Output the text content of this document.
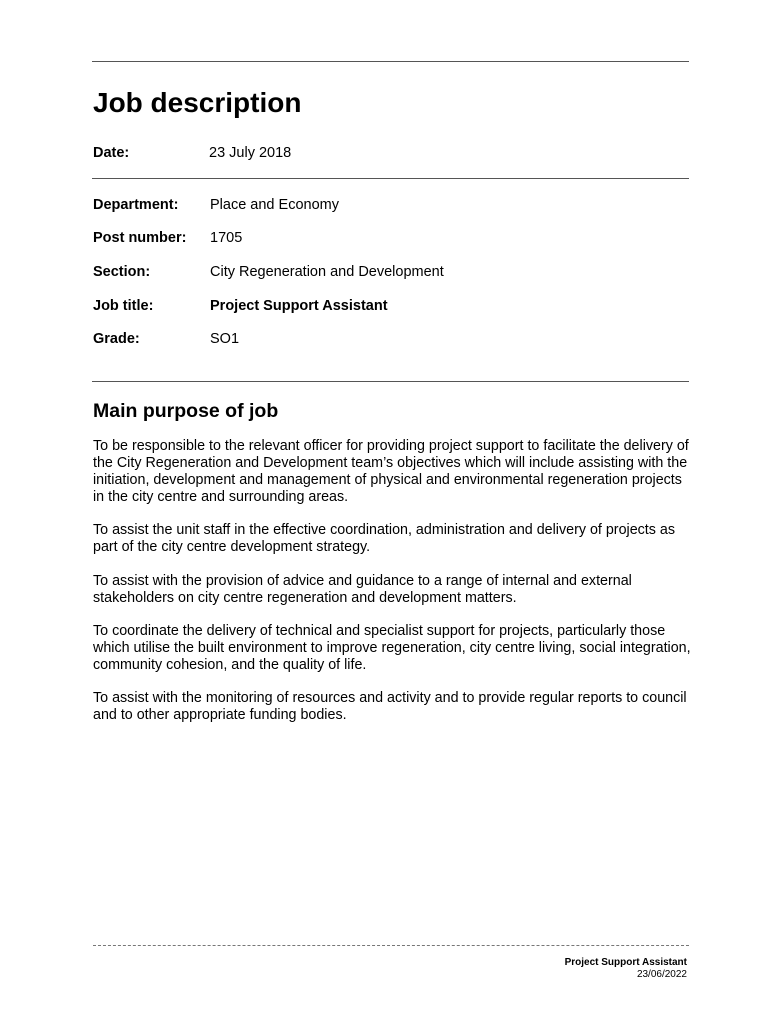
Job description
Date:	23 July 2018
Department: Place and Economy
Post number: 1705
Section:	City Regeneration and Development
Job title:	Project Support Assistant
Grade:	SO1
Main purpose of job

To be responsible to the relevant officer for providing project support to facilitate the delivery of the City Regeneration and Development team’s objectives which will include assisting with the initiation, development and management of physical and environmental regeneration projects in the city centre and surrounding areas.

To assist the unit staff in the effective coordination, administration and delivery of projects as part of the city centre development strategy.

To assist with the provision of advice and guidance to a range of internal and external stakeholders on city centre regeneration and development matters.

To coordinate the delivery of technical and specialist support for projects, particularly those which utilise the built environment to improve regeneration, city centre living, social integration, community cohesion, and the quality of life.

To assist with the monitoring of resources and activity and to provide regular reports to council and to other appropriate funding bodies.

Project Support Assistant
23/06/2022
